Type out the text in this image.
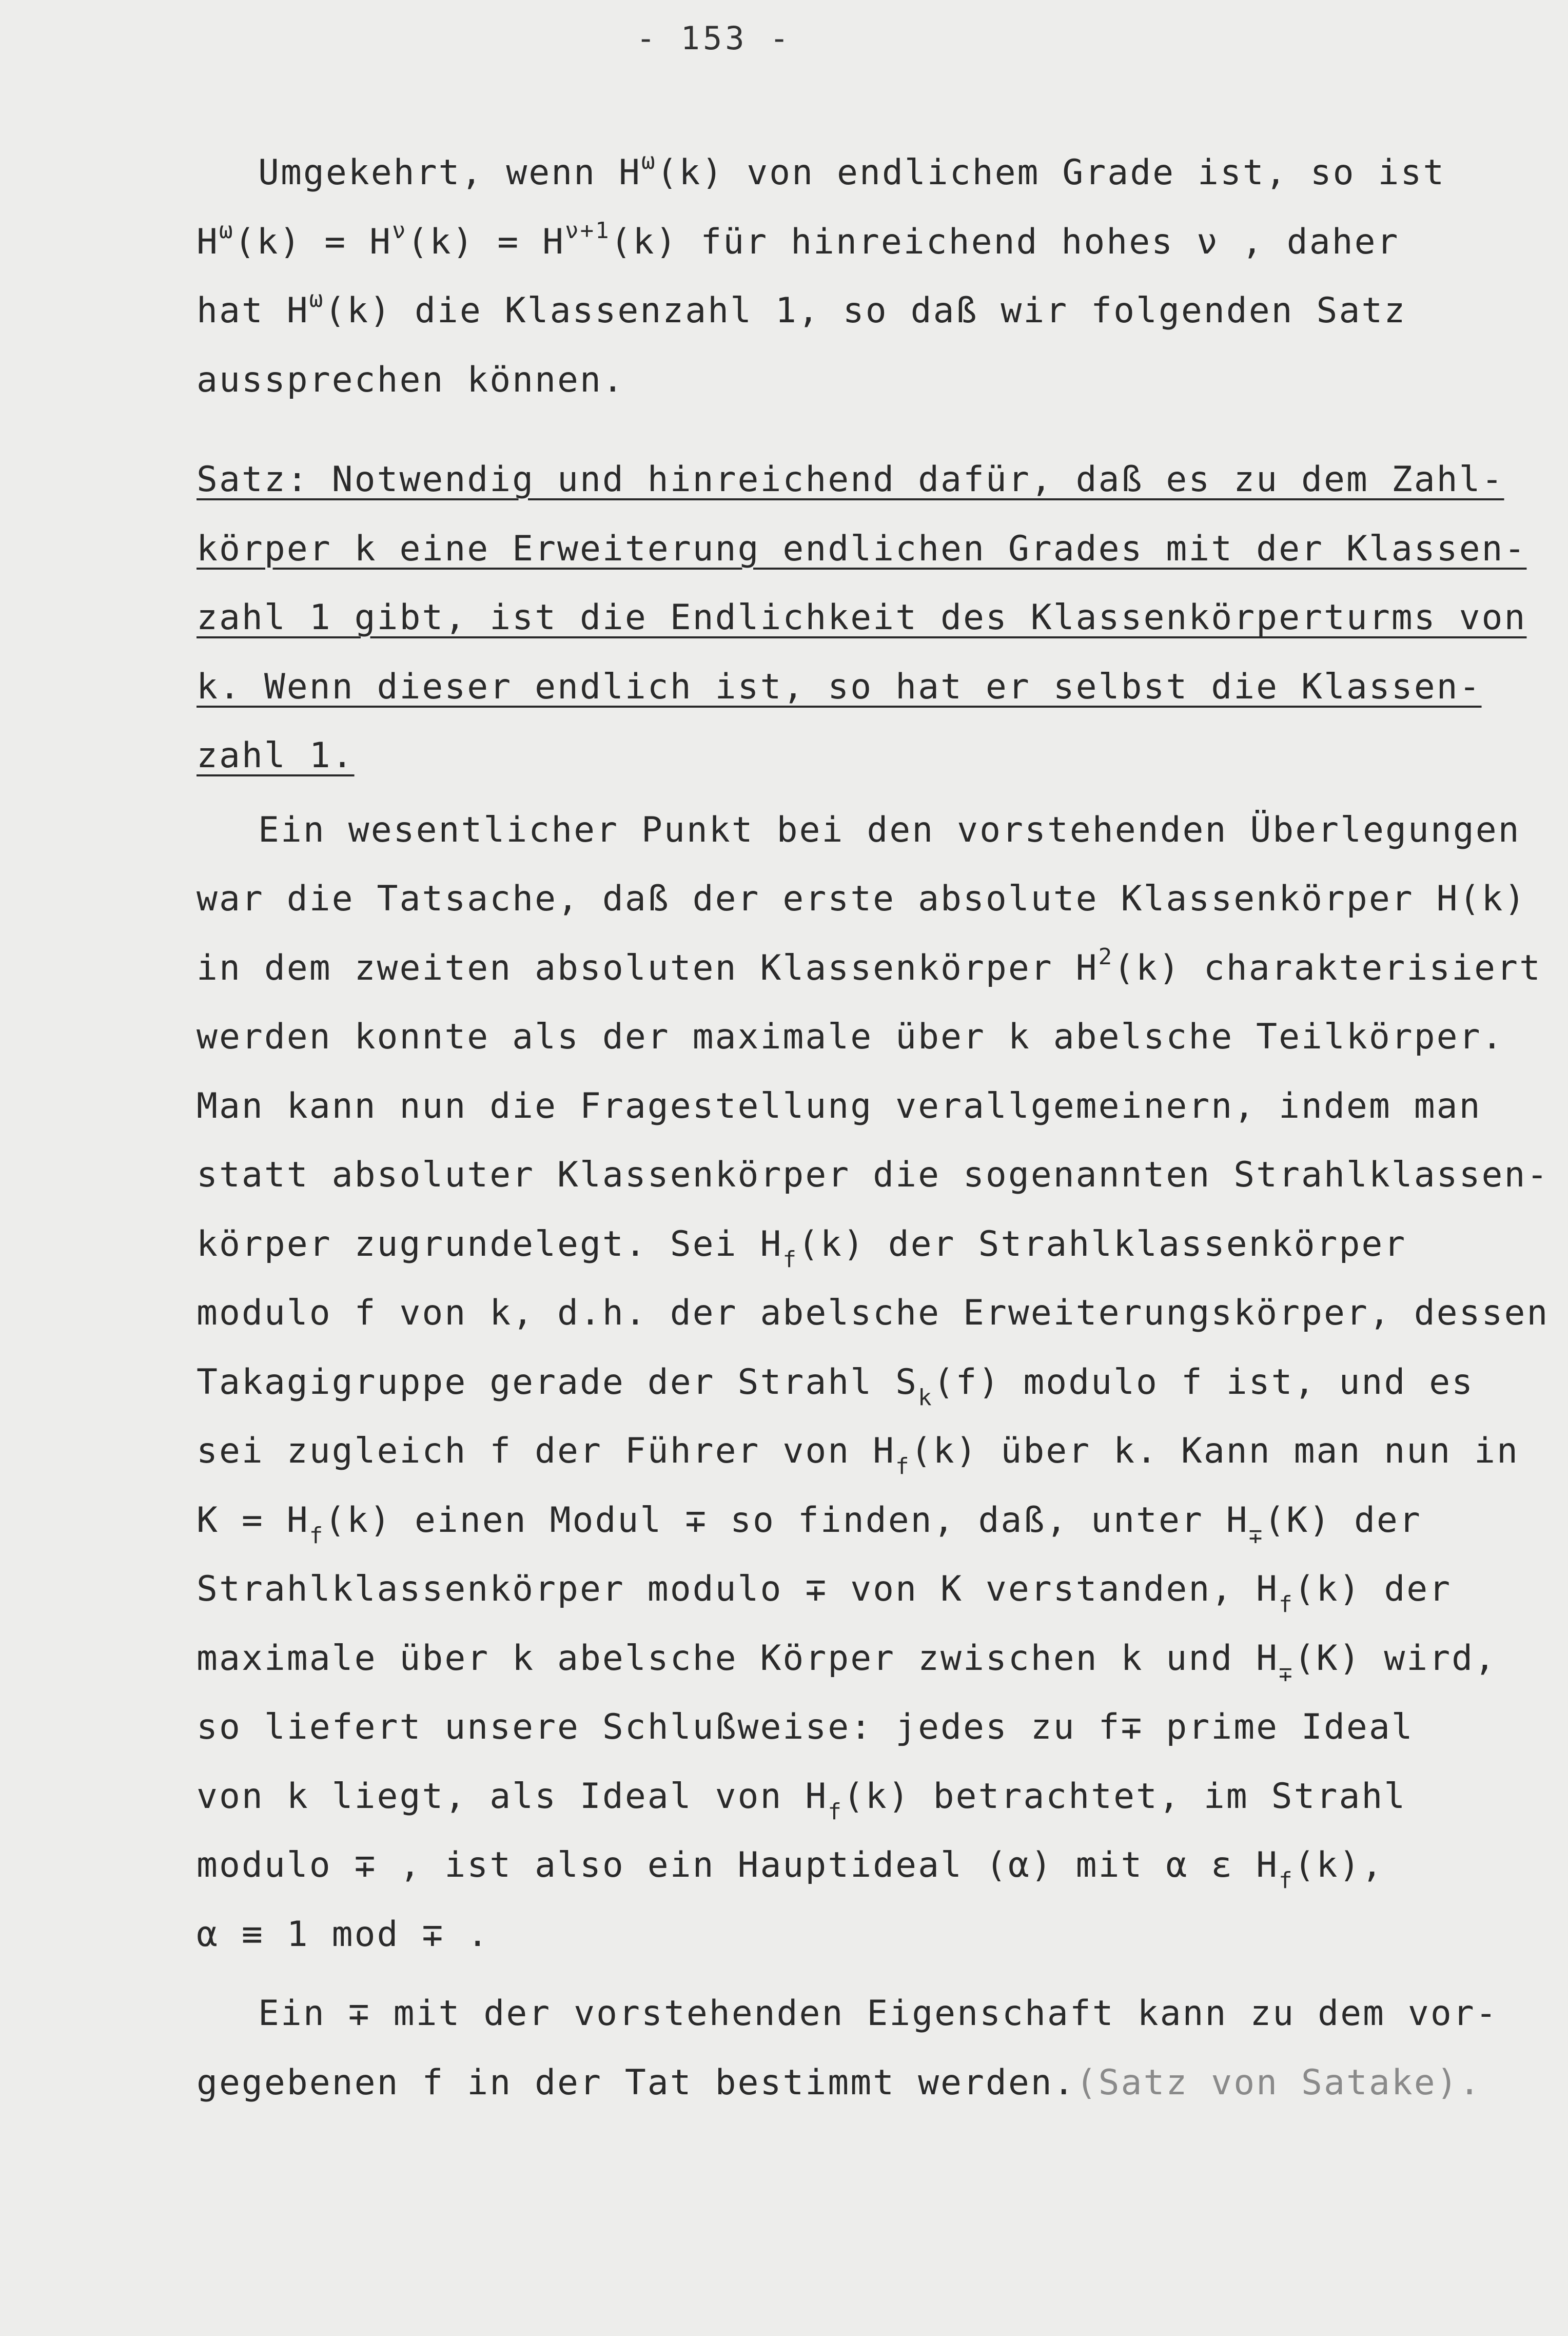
- 153 -
Umgekehrt, wenn $H^\omega(k)$ von endlichem Grade ist, so ist
$H^\omega(k) = H^\nu(k) = H^{\nu+1}(k)$ für hinreichend hohes ν , daher
hat $H^\omega(k)$ die Klassenzahl 1, so daß wir folgenden Satz
aussprechen können.
Satz: Notwendig und hinreichend dafür, daß es zu dem Zahl-
körper k eine Erweiterung endlichen Grades mit der Klassen-
zahl 1 gibt, ist die Endlichkeit des Klassenkörperturms von
k. Wenn dieser endlich ist, so hat er selbst die Klassen-
zahl 1.
Ein wesentlicher Punkt bei den vorstehenden Überlegungen
war die Tatsache, daß der erste absolute Klassenkörper H(k)
in dem zweiten absoluten Klassenkörper $H^2(k)$ charakterisiert
werden konnte als der maximale über k abelsche Teilkörper.
Man kann nun die Fragestellung verallgemeinern, indem man
statt absoluter Klassenkörper die sogenannten Strahlklassen-
körper zugrundelegt. Sei $H_f(k)$ der Strahlklassenkörper
modulo f von k, d.h. der abelsche Erweiterungskörper, dessen
Takagigruppe gerade der Strahl $S_k(f)$ modulo f ist, und es
sei zugleich f der Führer von $H_f(k)$ über k. Kann man nun in
$K = H_f(k)$ einen Modul ∓ so finden, daß, unter $H_\mp(K)$ der
Strahlklassenkörper modulo ∓ von K verstanden, $H_f(k)$ der
maximale über k abelsche Körper zwischen k und $H_\mp(K)$ wird,
so liefert unsere Schlußweise: jedes zu f∓ prime Ideal
von k liegt, als Ideal von $H_f(k)$ betrachtet, im Strahl
modulo ∓ , ist also ein Hauptideal (α) mit α ε $H_f(k)$,
α ≡ 1 mod ∓ .
Ein ∓ mit der vorstehenden Eigenschaft kann zu dem vor-
gegebenen f in der Tat bestimmt werden.(Satz von Satake).
